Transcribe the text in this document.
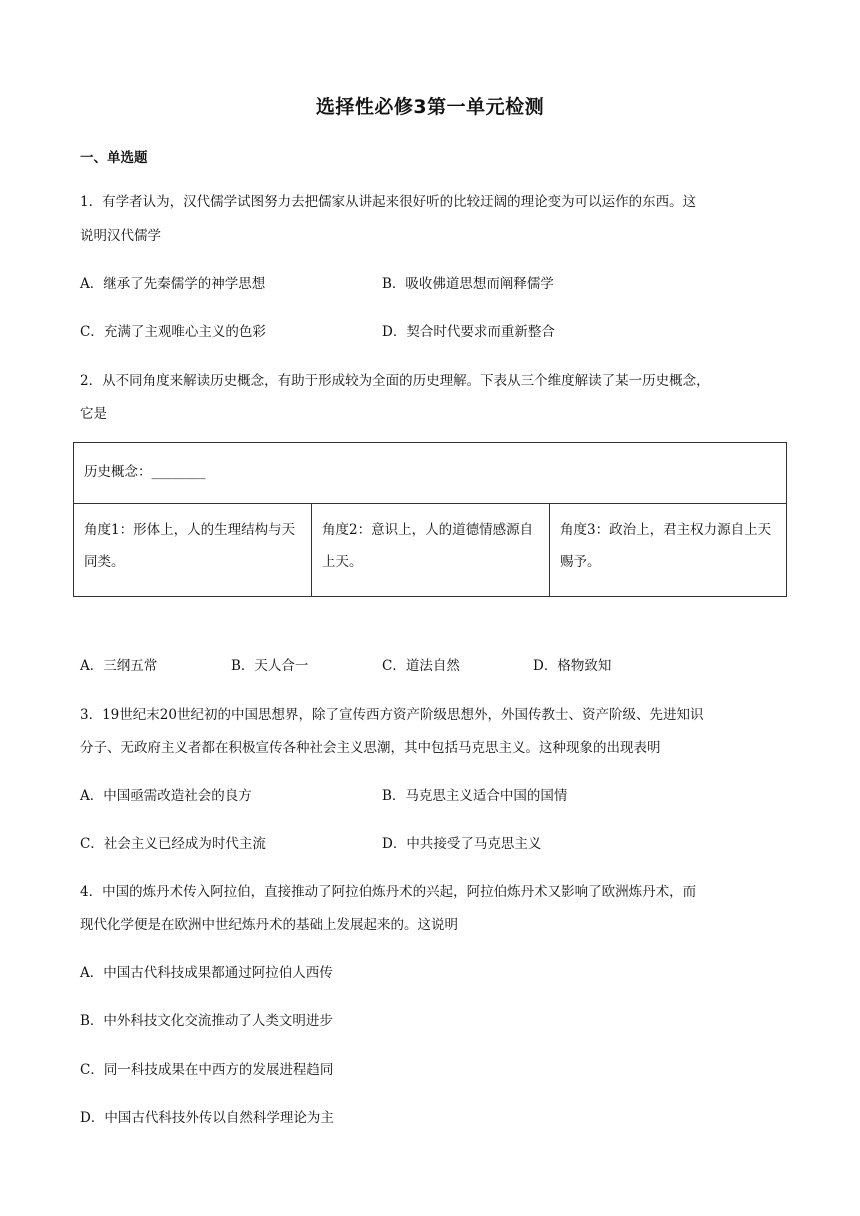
选择性必修3第一单元检测
一、单选题
1．有学者认为，汉代儒学试图努力去把儒家从讲起来很好听的比较迂阔的理论变为可以运作的东西。这
说明汉代儒学
A．继承了先秦儒学的神学思想	B．吸收佛道思想而阐释儒学
C．充满了主观唯心主义的色彩	D．契合时代要求而重新整合
2．从不同角度来解读历史概念，有助于形成较为全面的历史理解。下表从三个维度解读了某一历史概念，
它是
历史概念：________
角度1：形体上，人的生理结构与天同类。
角度2：意识上，人的道德情感源自上天。
角度3：政治上，君主权力源自上天赐予。
A．三纲五常	B．天人合一	C．道法自然	D．格物致知
3．19世纪末20世纪初的中国思想界，除了宣传西方资产阶级思想外，外国传教士、资产阶级、先进知识
分子、无政府主义者都在积极宣传各种社会主义思潮，其中包括马克思主义。这种现象的出现表明
A．中国亟需改造社会的良方	B．马克思主义适合中国的国情
C．社会主义已经成为时代主流	D．中共接受了马克思主义
4．中国的炼丹术传入阿拉伯，直接推动了阿拉伯炼丹术的兴起，阿拉伯炼丹术又影响了欧洲炼丹术，而
现代化学便是在欧洲中世纪炼丹术的基础上发展起来的。这说明
A．中国古代科技成果都通过阿拉伯人西传
B．中外科技文化交流推动了人类文明进步
C．同一科技成果在中西方的发展进程趋同
D．中国古代科技外传以自然科学理论为主
